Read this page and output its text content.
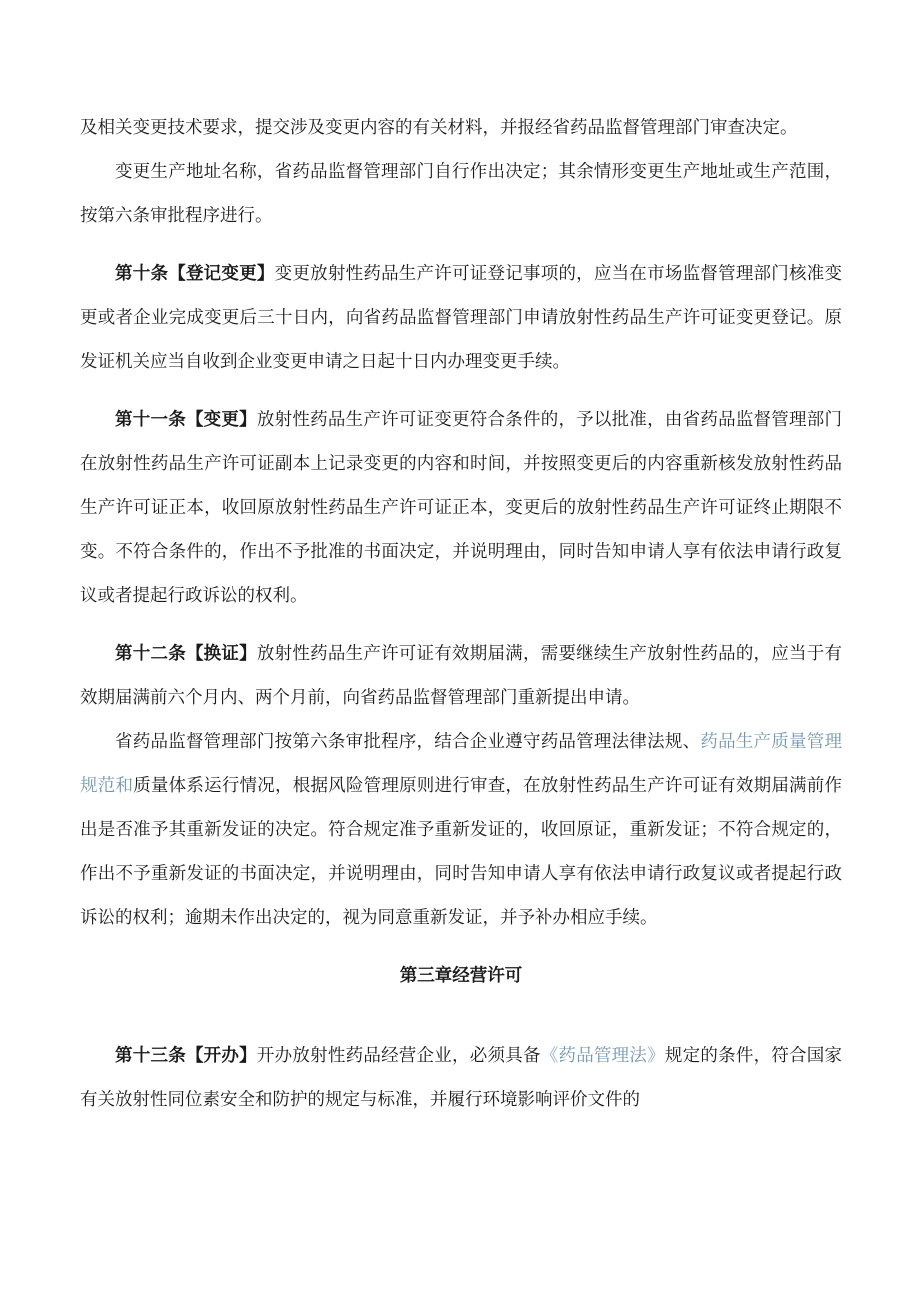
及相关变更技术要求，提交涉及变更内容的有关材料，并报经省药品监督管理部门审查决定。

变更生产地址名称，省药品监督管理部门自行作出决定；其余情形变更生产地址或生产范围，按第六条审批程序进行。

第十条【登记变更】变更放射性药品生产许可证登记事项的，应当在市场监督管理部门核准变更或者企业完成变更后三十日内，向省药品监督管理部门申请放射性药品生产许可证变更登记。原发证机关应当自收到企业变更申请之日起十日内办理变更手续。

第十一条【变更】放射性药品生产许可证变更符合条件的，予以批准，由省药品监督管理部门在放射性药品生产许可证副本上记录变更的内容和时间，并按照变更后的内容重新核发放射性药品生产许可证正本，收回原放射性药品生产许可证正本，变更后的放射性药品生产许可证终止期限不变。不符合条件的，作出不予批准的书面决定，并说明理由，同时告知申请人享有依法申请行政复议或者提起行政诉讼的权利。

第十二条【换证】放射性药品生产许可证有效期届满，需要继续生产放射性药品的，应当于有效期届满前六个月内、两个月前，向省药品监督管理部门重新提出申请。

省药品监督管理部门按第六条审批程序，结合企业遵守药品管理法律法规、药品生产质量管理规范和质量体系运行情况，根据风险管理原则进行审查，在放射性药品生产许可证有效期届满前作出是否准予其重新发证的决定。符合规定准予重新发证的，收回原证，重新发证；不符合规定的，作出不予重新发证的书面决定，并说明理由，同时告知申请人享有依法申请行政复议或者提起行政诉讼的权利；逾期未作出决定的，视为同意重新发证，并予补办相应手续。

第三章经营许可

第十三条【开办】开办放射性药品经营企业，必须具备《药品管理法》规定的条件，符合国家有关放射性同位素安全和防护的规定与标准，并履行环境影响评价文件的
